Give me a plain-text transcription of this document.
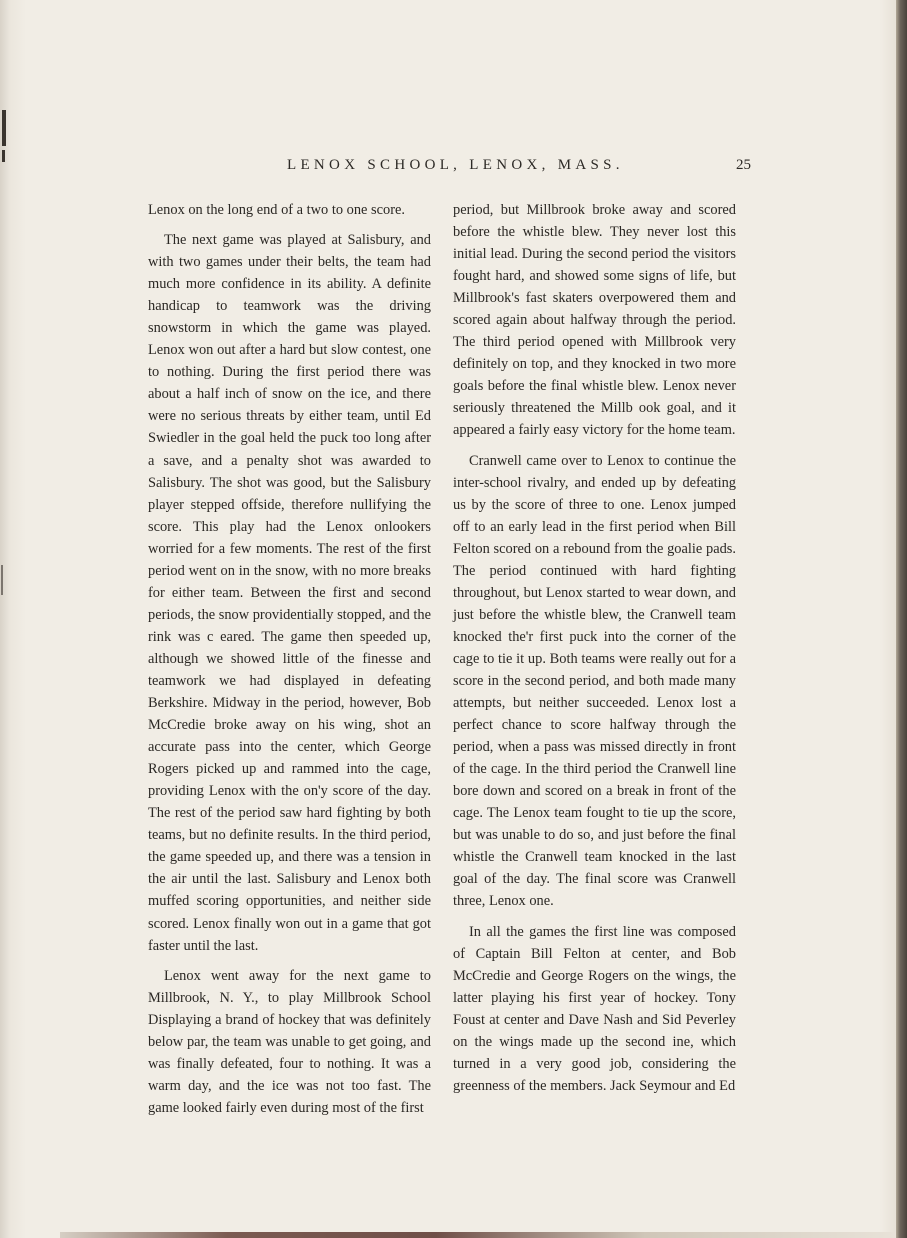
LENOX SCHOOL, LENOX, MASS.	25

Lenox on the long end of a two to one score.

The next game was played at Salisbury, and with two games under their belts, the team had much more confidence in its ability. A definite handicap to teamwork was the driving snowstorm in which the game was played. Lenox won out after a hard but slow contest, one to nothing. During the first period there was about a half inch of snow on the ice, and there were no serious threats by either team, until Ed Swiedler in the goal held the puck too long after a save, and a penalty shot was awarded to Salisbury. The shot was good, but the Salisbury player stepped offside, therefore nullifying the score. This play had the Lenox onlookers worried for a few moments. The rest of the first period went on in the snow, with no more breaks for either team. Between the first and second periods, the snow providentially stopped, and the rink was c eared. The game then speeded up, although we showed little of the finesse and teamwork we had displayed in defeating Berkshire. Midway in the period, however, Bob McCredie broke away on his wing, shot an accurate pass into the center, which George Rogers picked up and rammed into the cage, providing Lenox with the on'y score of the day. The rest of the period saw hard fighting by both teams, but no definite results. In the third period, the game speeded up, and there was a tension in the air until the last. Salisbury and Lenox both muffed scoring opportunities, and neither side scored. Lenox finally won out in a game that got faster until the last.

Lenox went away for the next game to Millbrook, N. Y., to play Millbrook School Displaying a brand of hockey that was definitely below par, the team was unable to get going, and was finally defeated, four to nothing. It was a warm day, and the ice was not too fast. The game looked fairly even during most of the first

period, but Millbrook broke away and scored before the whistle blew. They never lost this initial lead. During the second period the visitors fought hard, and showed some signs of life, but Millbrook's fast skaters overpowered them and scored again about halfway through the period. The third period opened with Millbrook very definitely on top, and they knocked in two more goals before the final whistle blew. Lenox never seriously threatened the Millb ook goal, and it appeared a fairly easy victory for the home team.

Cranwell came over to Lenox to continue the inter-school rivalry, and ended up by defeating us by the score of three to one. Lenox jumped off to an early lead in the first period when Bill Felton scored on a rebound from the goalie pads. The period continued with hard fighting throughout, but Lenox started to wear down, and just before the whistle blew, the Cranwell team knocked the'r first puck into the corner of the cage to tie it up. Both teams were really out for a score in the second period, and both made many attempts, but neither succeeded. Lenox lost a perfect chance to score halfway through the period, when a pass was missed directly in front of the cage. In the third period the Cranwell line bore down and scored on a break in front of the cage. The Lenox team fought to tie up the score, but was unable to do so, and just before the final whistle the Cranwell team knocked in the last goal of the day. The final score was Cranwell three, Lenox one.

In all the games the first line was composed of Captain Bill Felton at center, and Bob McCredie and George Rogers on the wings, the latter playing his first year of hockey. Tony Foust at center and Dave Nash and Sid Peverley on the wings made up the second ine, which turned in a very good job, considering the greenness of the members. Jack Seymour and Ed
